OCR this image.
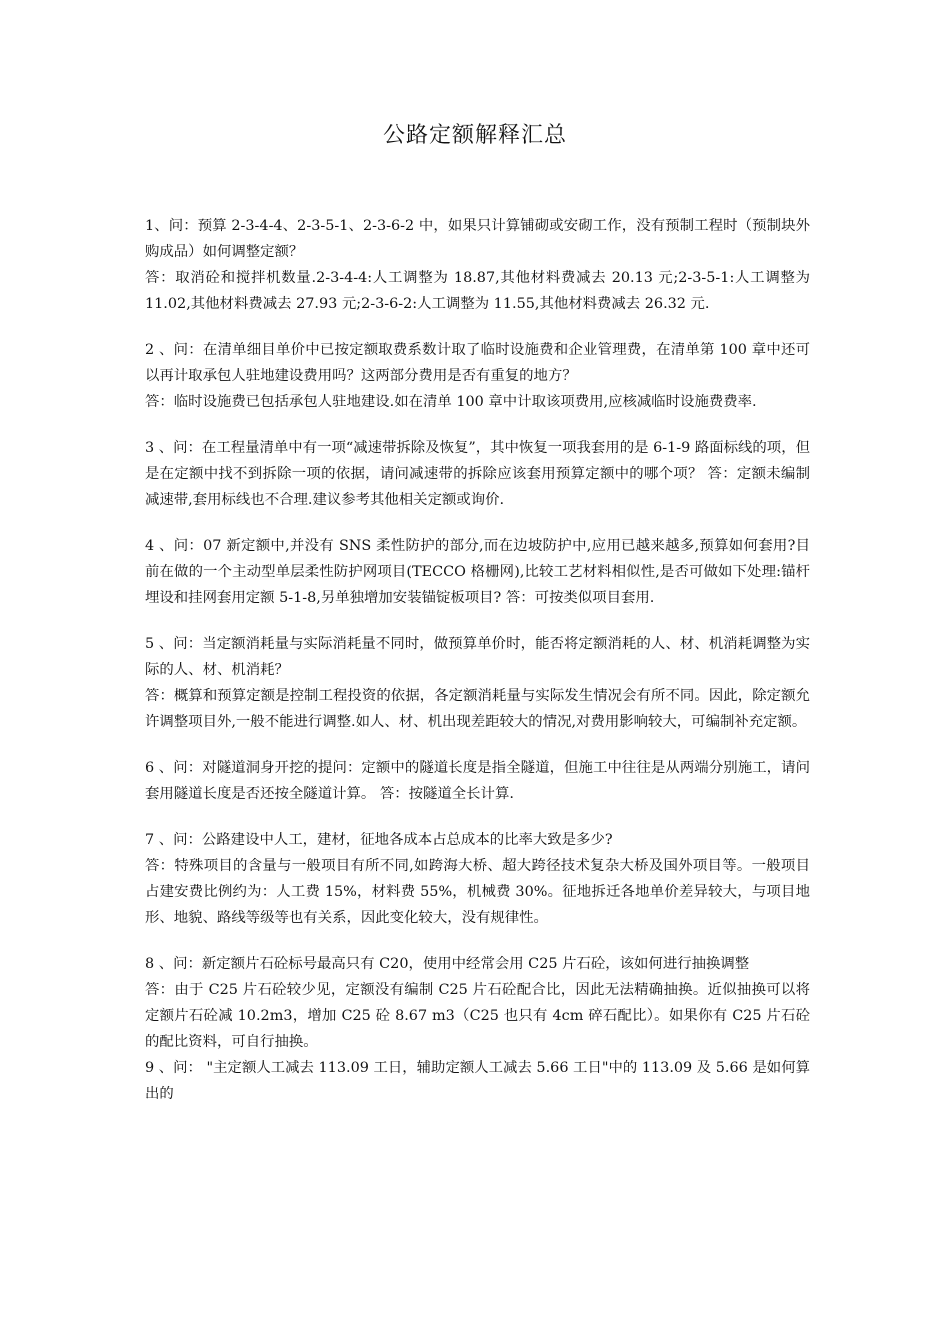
公路定额解释汇总

1、问：预算 2-3-4-4、2-3-5-1、2-3-6-2 中，如果只计算铺砌或安砌工作，没有预制工程时（预制块外购成品）如何调整定额？

答：取消砼和搅拌机数量.2-3-4-4:人工调整为 18.87,其他材料费减去 20.13 元;2-3-5-1:人工调整为 11.02,其他材料费减去 27.93 元;2-3-6-2:人工调整为 11.55,其他材料费减去 26.32 元.

2 、问：在清单细目单价中已按定额取费系数计取了临时设施费和企业管理费，在清单第 100 章中还可以再计取承包人驻地建设费用吗？这两部分费用是否有重复的地方？

答：临时设施费已包括承包人驻地建设.如在清单 100 章中计取该项费用,应核减临时设施费费率.

3 、问：在工程量清单中有一项“减速带拆除及恢复”，其中恢复一项我套用的是 6-1-9 路面标线的项，但是在定额中找不到拆除一项的依据，请问减速带的拆除应该套用预算定额中的哪个项？ 答：定额未编制减速带,套用标线也不合理.建议参考其他相关定额或询价.

4 、问：07 新定额中,并没有 SNS 柔性防护的部分,而在边坡防护中,应用已越来越多,预算如何套用?目前在做的一个主动型单层柔性防护网项目(TECCO 格栅网),比较工艺材料相似性,是否可做如下处理:锚杆埋设和挂网套用定额 5-1-8,另单独增加安装锚锭板项目? 答：可按类似项目套用.

5 、问：当定额消耗量与实际消耗量不同时，做预算单价时，能否将定额消耗的人、材、机消耗调整为实际的人、材、机消耗？

答：概算和预算定额是控制工程投资的依据，各定额消耗量与实际发生情况会有所不同。因此，除定额允许调整项目外,一般不能进行调整.如人、材、机出现差距较大的情况,对费用影响较大，可编制补充定额。

6 、问：对隧道洞身开挖的提问：定额中的隧道长度是指全隧道，但施工中往往是从两端分别施工，请问套用隧道长度是否还按全隧道计算。 答：按隧道全长计算.

7 、问：公路建设中人工，建材，征地各成本占总成本的比率大致是多少?

答：特殊项目的含量与一般项目有所不同,如跨海大桥、超大跨径技术复杂大桥及国外项目等。一般项目占建安费比例约为：人工费 15%，材料费 55%，机械费 30%。征地拆迁各地单价差异较大，与项目地形、地貌、路线等级等也有关系，因此变化较大，没有规律性。

8 、问：新定额片石砼标号最高只有 C20，使用中经常会用 C25 片石砼，该如何进行抽换调整

答：由于 C25 片石砼较少见，定额没有编制 C25 片石砼配合比，因此无法精确抽换。近似抽换可以将定额片石砼减 10.2m3，增加 C25 砼 8.67 m3（C25 也只有 4cm 碎石配比）。如果你有 C25 片石砼的配比资料，可自行抽换。

9 、问： "主定额人工减去 113.09 工日，辅助定额人工减去 5.66 工日"中的 113.09 及 5.66 是如何算出的
